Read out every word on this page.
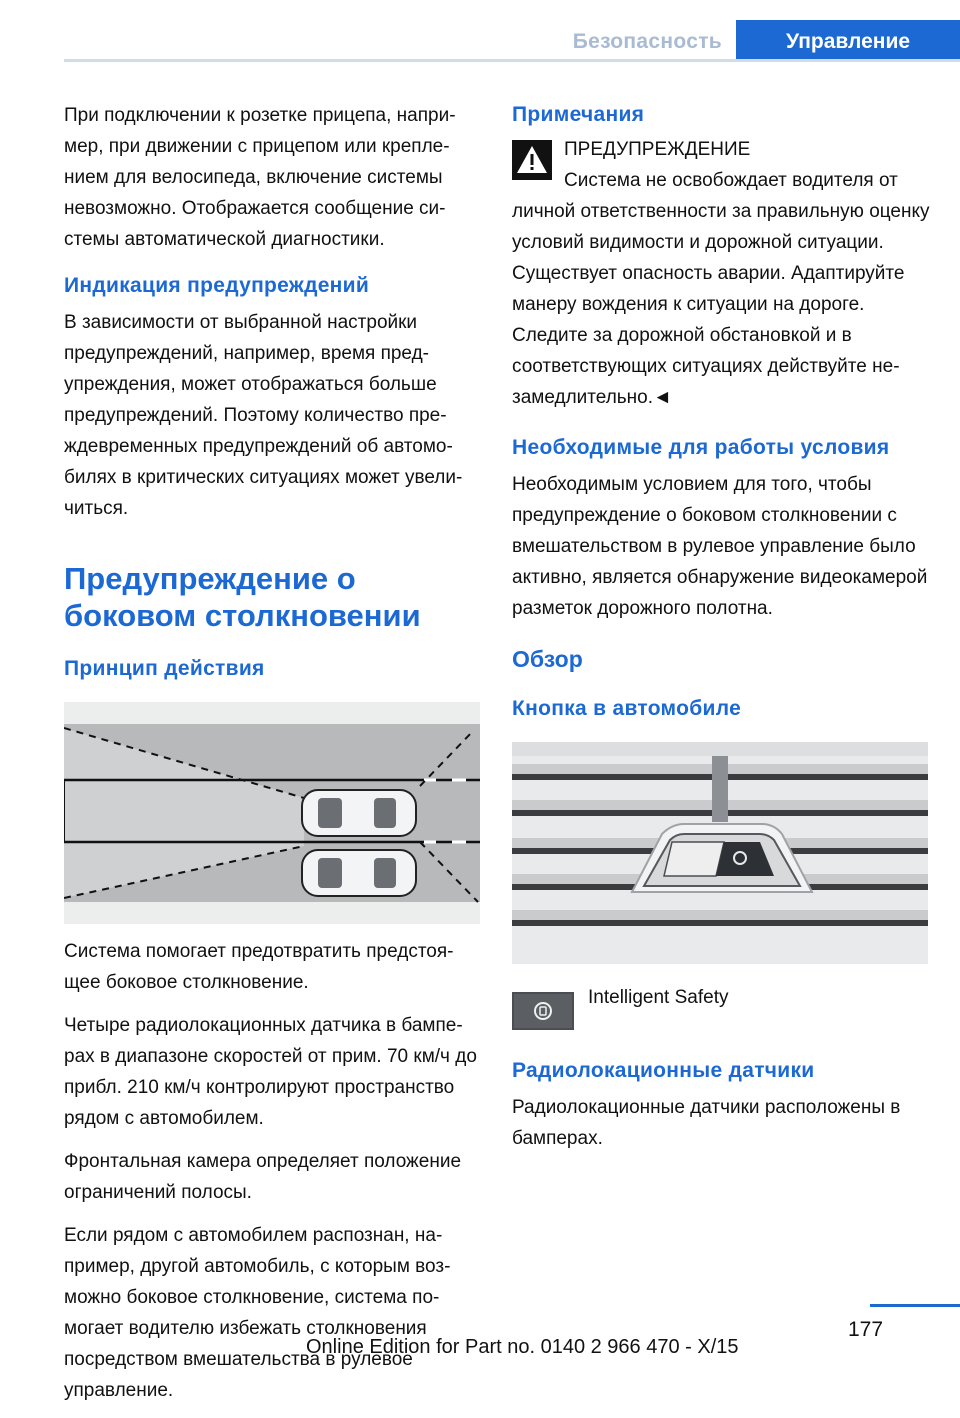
Безопасность	Управление

При подключении к розетке прицепа, например, при движении с прицепом или креплением для велосипеда, включение системы невозможно. Отображается сообщение системы автоматической диагностики.

Индикация предупреждений

В зависимости от выбранной настройки предупреждений, например, время предупреждения, может отображаться больше предупреждений. Поэтому количество преждевременных предупреждений об автомобилях в критических ситуациях может увеличиться.

Предупреждение о боковом столкновении
Принцип действия

Система помогает предотвратить предстоящее боковое столкновение.

Четыре радиолокационных датчика в бамперах в диапазоне скоростей от прим. 70 км/ч до прибл. 210 км/ч контролируют пространство рядом с автомобилем.

Фронтальная камера определяет положение ограничений полосы.

Если рядом с автомобилем распознан, например, другой автомобиль, с которым возможно боковое столкновение, система помогает водителю избежать столкновения посредством вмешательства в рулевое управление.

Примечания
ПРЕДУПРЕЖДЕНИЕ
Система не освобождает водителя от
личной ответственности за правильную оценку условий видимости и дорожной ситуации. Существует опасность аварии. Адаптируйте манеру вождения к ситуации на дороге. Следите за дорожной обстановкой и в соответствующих ситуациях действуйте незамедлительно.◄
Необходимые для работы условия

Необходимым условием для того, чтобы предупреждение о боковом столкновении с вмешательством в рулевое управление было активно, является обнаружение видеокамерой разметок дорожного полотна.

Обзор
Кнопка в автомобиле
Intelligent Safety
Радиолокационные датчики

Радиолокационные датчики расположены в бамперах.

177
Online Edition for Part no. 0140 2 966 470 - X/15
